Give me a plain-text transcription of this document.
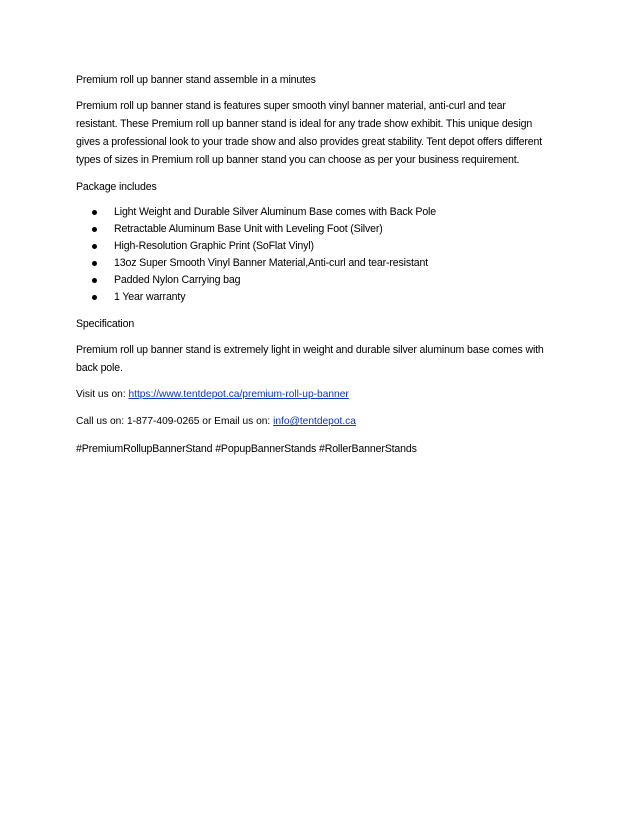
Premium roll up banner stand assemble in a minutes

Premium roll up banner stand is features super smooth vinyl banner material, anti-curl and tear
resistant. These Premium roll up banner stand is ideal for any trade show exhibit. This unique design
gives a professional look to your trade show and also provides great stability. Tent depot offers different
types of sizes in Premium roll up banner stand you can choose as per your business requirement.

Package includes

Light Weight and Durable Silver Aluminum Base comes with Back Pole
Retractable Aluminum Base Unit with Leveling Foot (Silver)
High-Resolution Graphic Print (SoFlat Vinyl)
13oz Super Smooth Vinyl Banner Material,Anti-curl and tear-resistant
Padded Nylon Carrying bag
1 Year warranty

Specification

Premium roll up banner stand is extremely light in weight and durable silver aluminum base comes with
back pole.

Visit us on: https://www.tentdepot.ca/premium-roll-up-banner

Call us on: 1-877-409-0265 or Email us on: info@tentdepot.ca

#PremiumRollupBannerStand #PopupBannerStands #RollerBannerStands
